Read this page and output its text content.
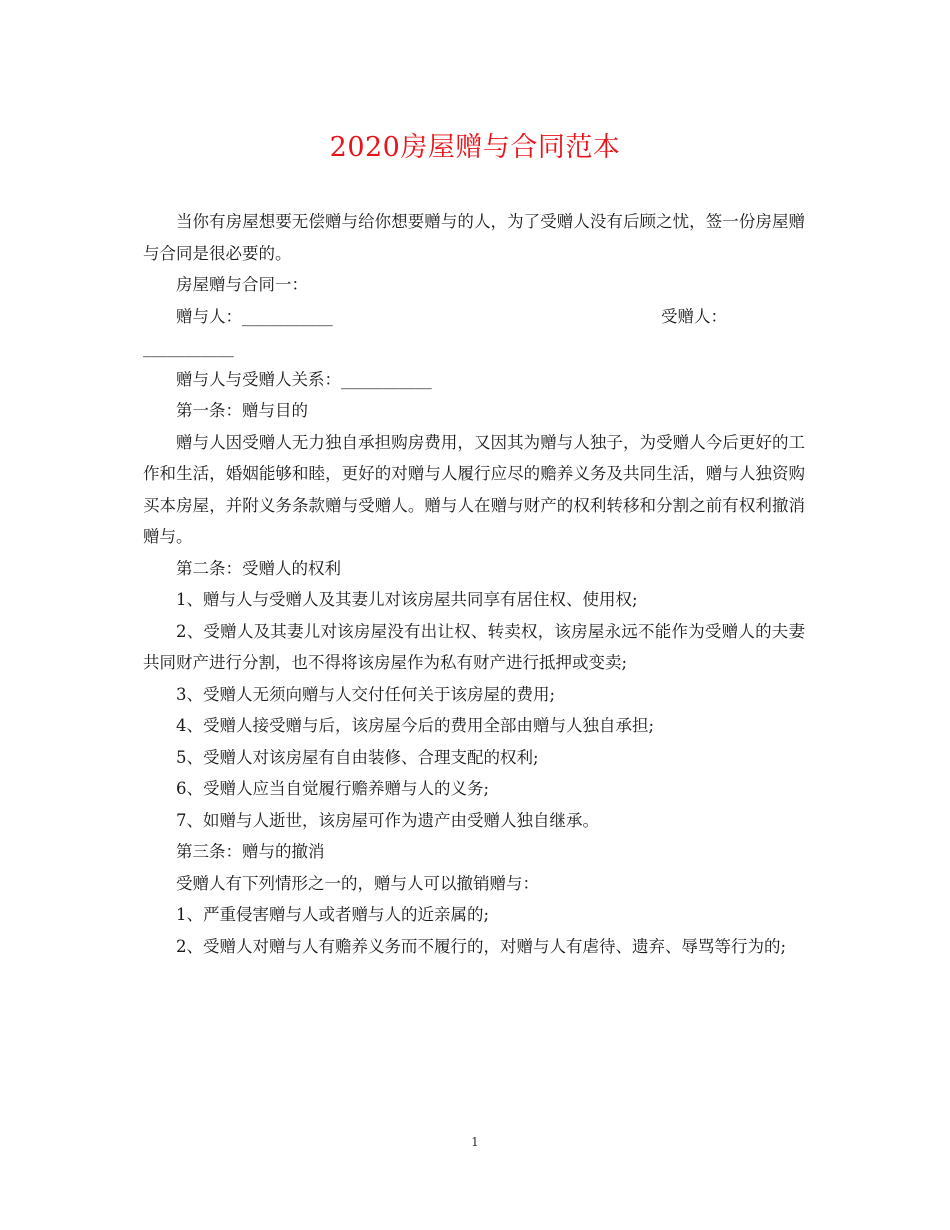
2020房屋赠与合同范本

当你有房屋想要无偿赠与给你想要赠与的人，为了受赠人没有后顾之忧，签一份房屋赠与合同是很必要的。

房屋赠与合同一：

赠与人：___________	受赠人：

___________

赠与人与受赠人关系：___________

第一条：赠与目的

赠与人因受赠人无力独自承担购房费用，又因其为赠与人独子，为受赠人今后更好的工作和生活，婚姻能够和睦，更好的对赠与人履行应尽的赡养义务及共同生活，赠与人独资购买本房屋，并附义务条款赠与受赠人。赠与人在赠与财产的权利转移和分割之前有权利撤消赠与。

第二条：受赠人的权利

1、赠与人与受赠人及其妻儿对该房屋共同享有居住权、使用权;

2、受赠人及其妻儿对该房屋没有出让权、转卖权，该房屋永远不能作为受赠人的夫妻共同财产进行分割，也不得将该房屋作为私有财产进行抵押或变卖;

3、受赠人无须向赠与人交付任何关于该房屋的费用;

4、受赠人接受赠与后，该房屋今后的费用全部由赠与人独自承担;

5、受赠人对该房屋有自由装修、合理支配的权利;

6、受赠人应当自觉履行赡养赠与人的义务;

7、如赠与人逝世，该房屋可作为遗产由受赠人独自继承。

第三条：赠与的撤消

受赠人有下列情形之一的，赠与人可以撤销赠与：

1、严重侵害赠与人或者赠与人的近亲属的;

2、受赠人对赠与人有赡养义务而不履行的，对赠与人有虐待、遗弃、辱骂等行为的;

1
